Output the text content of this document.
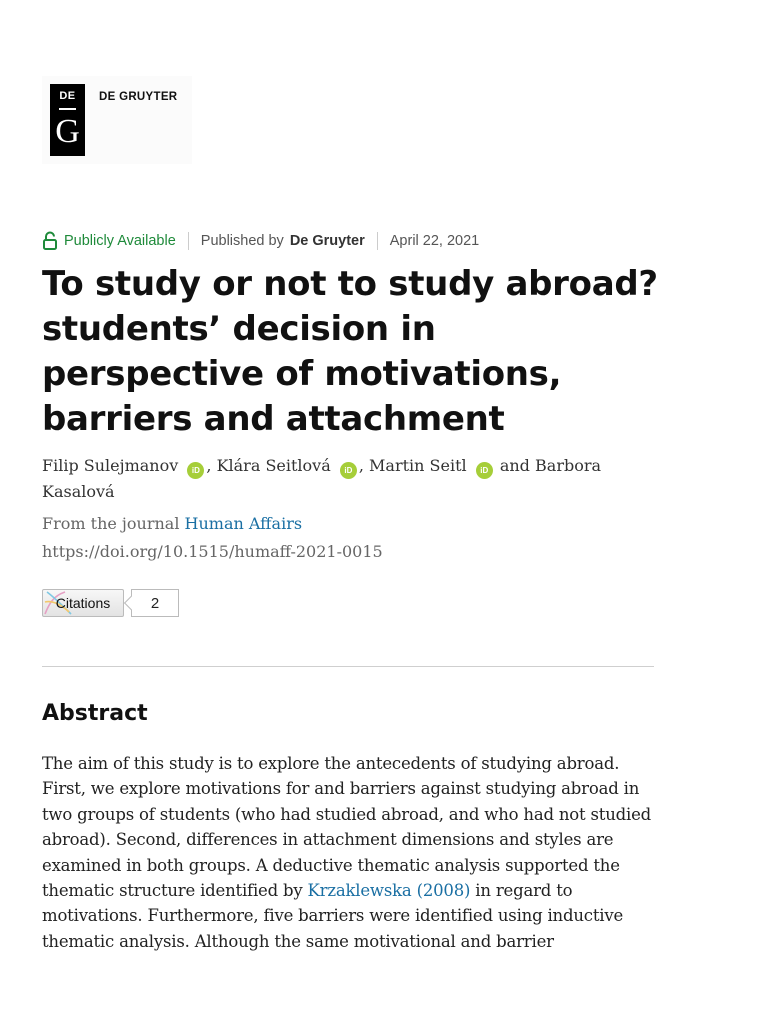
DE
G
DE GRUYTER
Publicly Available Published by De Gruyter April 22, 2021
To study or not to study abroad? students’ decision in perspective of motivations, barriers and attachment
Filip Sulejmanov iD , Klára Seitlová iD , Martin Seitl iD and Barbora Kasalová
From the journal Human Affairs
https://doi.org/10.1515/humaff-2021-0015
Citations	2
Abstract

The aim of this study is to explore the antecedents of studying abroad. First, we explore motivations for and barriers against studying abroad in two groups of students (who had studied abroad, and who had not studied abroad). Second, differences in attachment dimensions and styles are examined in both groups. A deductive thematic analysis supported the thematic structure identified by Krzaklewska (2008) in regard to motivations. Furthermore, five barriers were identified using inductive thematic analysis. Although the same motivational and barrier
